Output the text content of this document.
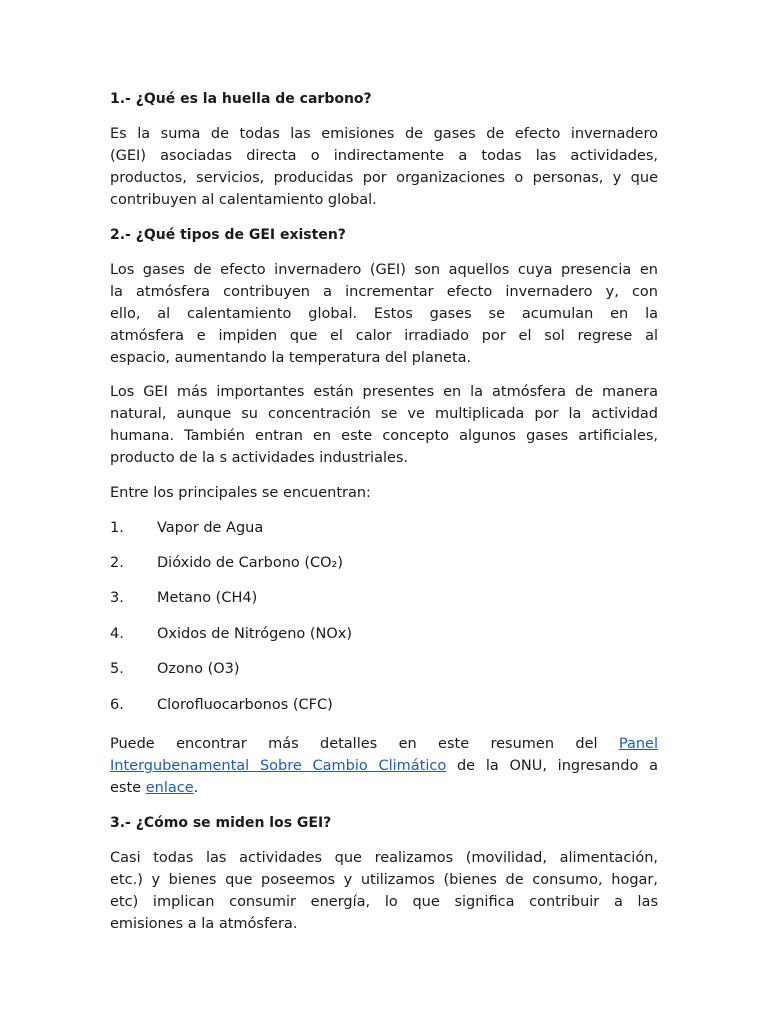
1.- ¿Qué es la huella de carbono?
Es la suma de todas las emisiones de gases de efecto invernadero
(GEI) asociadas directa o indirectamente a todas las actividades,
productos, servicios, producidas por organizaciones o personas, y que
contribuyen al calentamiento global.
2.- ¿Qué tipos de GEI existen?
Los gases de efecto invernadero (GEI) son aquellos cuya presencia en
la atmósfera contribuyen a incrementar efecto invernadero y, con
ello, al calentamiento global. Estos gases se acumulan en la
atmósfera e impiden que el calor irradiado por el sol regrese al
espacio, aumentando la temperatura del planeta.
Los GEI más importantes están presentes en la atmósfera de manera
natural, aunque su concentración se ve multiplicada por la actividad
humana. También entran en este concepto algunos gases artificiales,
producto de la s actividades industriales.
Entre los principales se encuentran:
1. Vapor de Agua
2. Dióxido de Carbono (CO₂)
3. Metano (CH4)
4. Oxidos de Nitrógeno (NOx)
5. Ozono (O3)
6. Clorofluocarbonos (CFC)
Puede encontrar más detalles en este resumen del Panel
Intergubenamental Sobre Cambio Climático de la ONU, ingresando a
este enlace.
3.- ¿Cómo se miden los GEI?
Casi todas las actividades que realizamos (movilidad, alimentación,
etc.) y bienes que poseemos y utilizamos (bienes de consumo, hogar,
etc) implican consumir energía, lo que significa contribuir a las
emisiones a la atmósfera.
